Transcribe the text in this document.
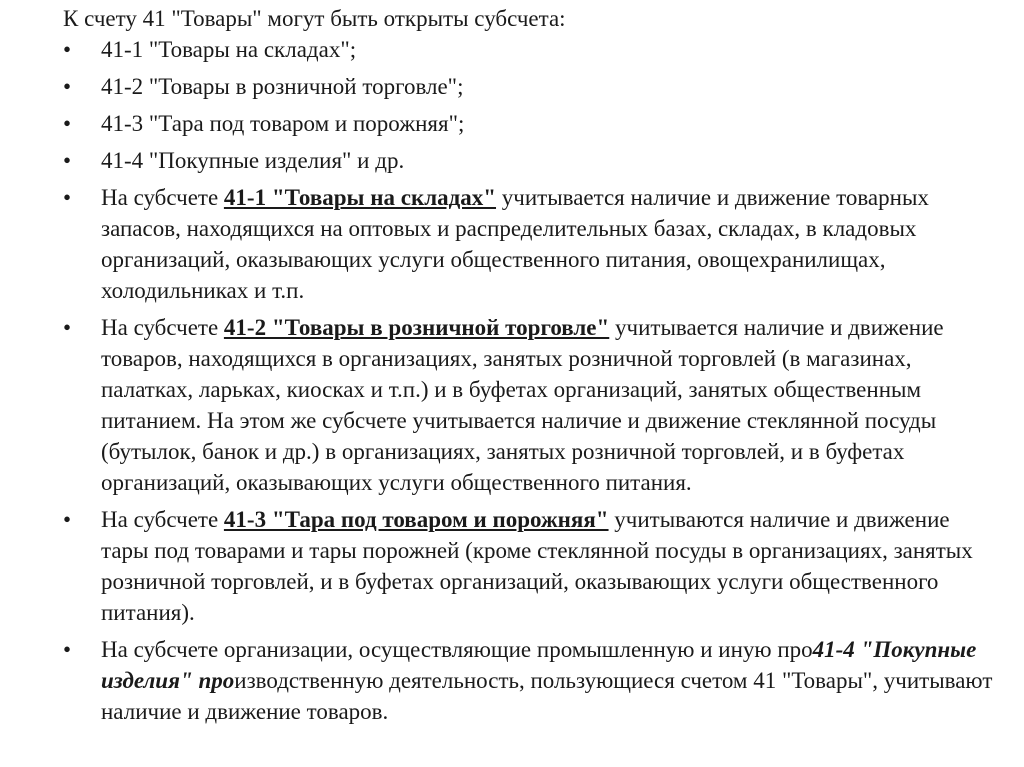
К счету 41 "Товары" могут быть открыты субсчета:
• 41-1 "Товары на складах";
• 41-2 "Товары в розничной торговле";
• 41-3 "Тара под товаром и порожняя";
• 41-4 "Покупные изделия" и др.
• На субсчете 41-1 "Товары на складах" учитывается наличие и движение товарных запасов, находящихся на оптовых и распределительных базах, складах, в кладовых организаций, оказывающих услуги общественного питания, овощехранилищах, холодильниках и т.п.
• На субсчете 41-2 "Товары в розничной торговле" учитывается наличие и движение товаров, находящихся в организациях, занятых розничной торговлей (в магазинах, палатках, ларьках, киосках и т.п.) и в буфетах организаций, занятых общественным питанием. На этом же субсчете учитывается наличие и движение стеклянной посуды (бутылок, банок и др.) в организациях, занятых розничной торговлей, и в буфетах организаций, оказывающих услуги общественного питания.
• На субсчете 41-3 "Тара под товаром и порожняя" учитываются наличие и движение тары под товарами и тары порожней (кроме стеклянной посуды в организациях, занятых розничной торговлей, и в буфетах организаций, оказывающих услуги общественного питания).
• На субсчете организации, осуществляющие промышленную и иную про41-4 "Покупные изделия" производственную деятельность, пользующиеся счетом 41 "Товары", учитывают наличие и движение товаров.
